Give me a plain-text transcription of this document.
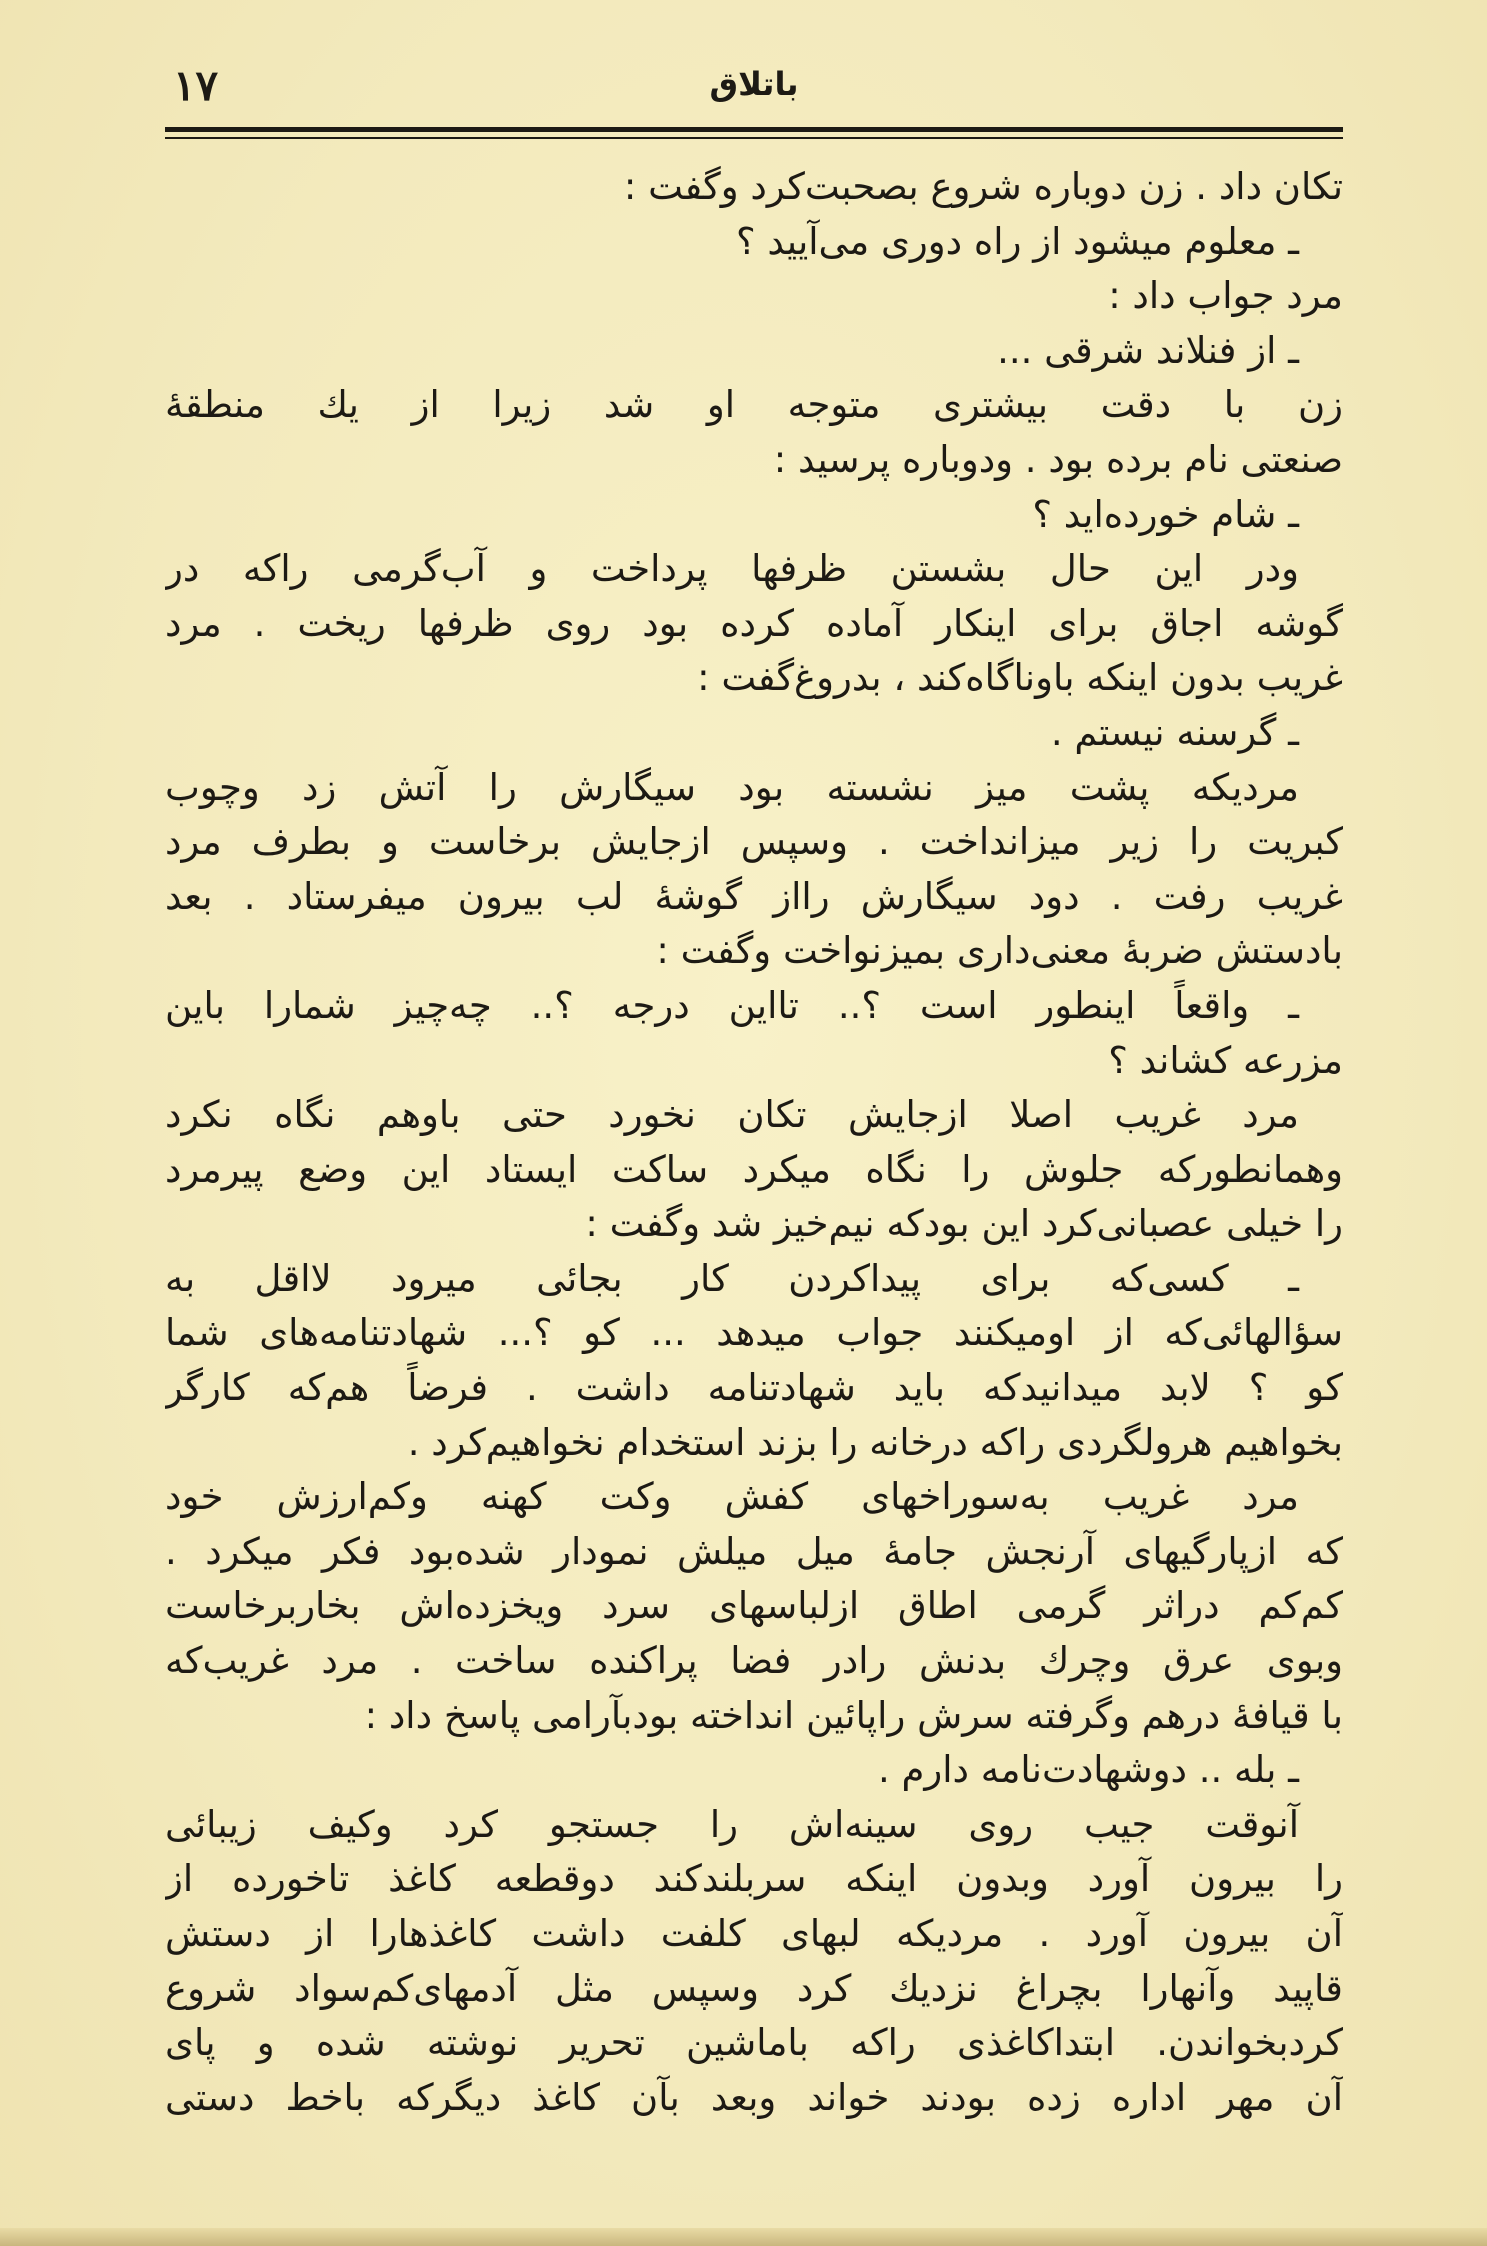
۱۷	باتلاق
تکان داد . زن دوباره شروع بصحبت‌کرد وگفت :
ـ معلوم میشود از راه دوری می‌آیید ؟
مرد جواب داد :
ـ از فنلاند شرقی ...
زن با دقت بیشتری متوجه او شد زیرا از یك منطقهٔ
صنعتی نام برده بود . ودوباره پرسید :
ـ شام خورده‌اید ؟
ودر این حال بشستن ظرفها پرداخت و آب‌گرمی راکه در
گوشه اجاق برای اینکار آماده کرده بود روی ظرفها ریخت . مرد
غریب بدون اینکه باوناگاه‌کند ، بدروغ‌گفت :
ـ گرسنه نیستم .
مردیکه پشت میز نشسته بود سیگارش را آتش زد وچوب
کبریت را زیر میزانداخت . وسپس ازجایش برخاست و بطرف مرد
غریب رفت . دود سیگارش رااز گوشهٔ لب بیرون میفرستاد . بعد
بادستش ضربهٔ معنی‌داری بمیزنواخت وگفت :
ـ واقعاً اینطور است ؟.. تااین درجه ؟.. چه‌چیز شمارا باین
مزرعه کشاند ؟
مرد غریب اصلا ازجایش تکان نخورد حتی باوهم نگاه نکرد
وهمانطورکه جلوش را نگاه میکرد ساکت ایستاد این وضع پیرمرد
را خیلی عصبانی‌کرد این بودکه نیم‌خیز شد وگفت :
ـ کسی‌که برای پیداکردن کار بجائی میرود لااقل به
سؤالهائی‌که از اومیکنند جواب میدهد ... کو ؟... شهادتنامه‌های شما
کو ؟ لابد میدانیدکه باید شهادتنامه داشت . فرضاً هم‌که کارگر
بخواهیم هرولگردی راکه درخانه را بزند استخدام نخواهیم‌کرد .
مرد غریب به‌سوراخهای کفش وکت کهنه وکم‌ارزش خود
که ازپارگیهای آرنجش جامهٔ میل میلش نمودار شده‌بود فکر میکرد .
کم‌کم دراثر گرمی اطاق ازلباسهای سرد ویخزده‌اش بخاربرخاست
وبوی عرق وچرك بدنش رادر فضا پراکنده ساخت . مرد غریب‌که
با قیافهٔ درهم وگرفته سرش راپائین انداخته بودبآرامی پاسخ داد :
ـ بله .. دوشهادت‌نامه دارم .
آنوقت جیب روی سینه‌اش را جستجو کرد وکیف زیبائی
را بیرون آورد وبدون اینکه سربلندکند دوقطعه کاغذ تاخورده از
آن بیرون آورد . مردیکه لبهای کلفت داشت کاغذهارا از دستش
قاپید وآنهارا بچراغ نزدیك کرد وسپس مثل آدمهای‌کم‌سواد شروع
کردبخواندن. ابتداکاغذی راکه باماشین تحریر نوشته شده و پای
آن مهر اداره زده بودند خواند وبعد بآن کاغذ دیگرکه باخط دستی
